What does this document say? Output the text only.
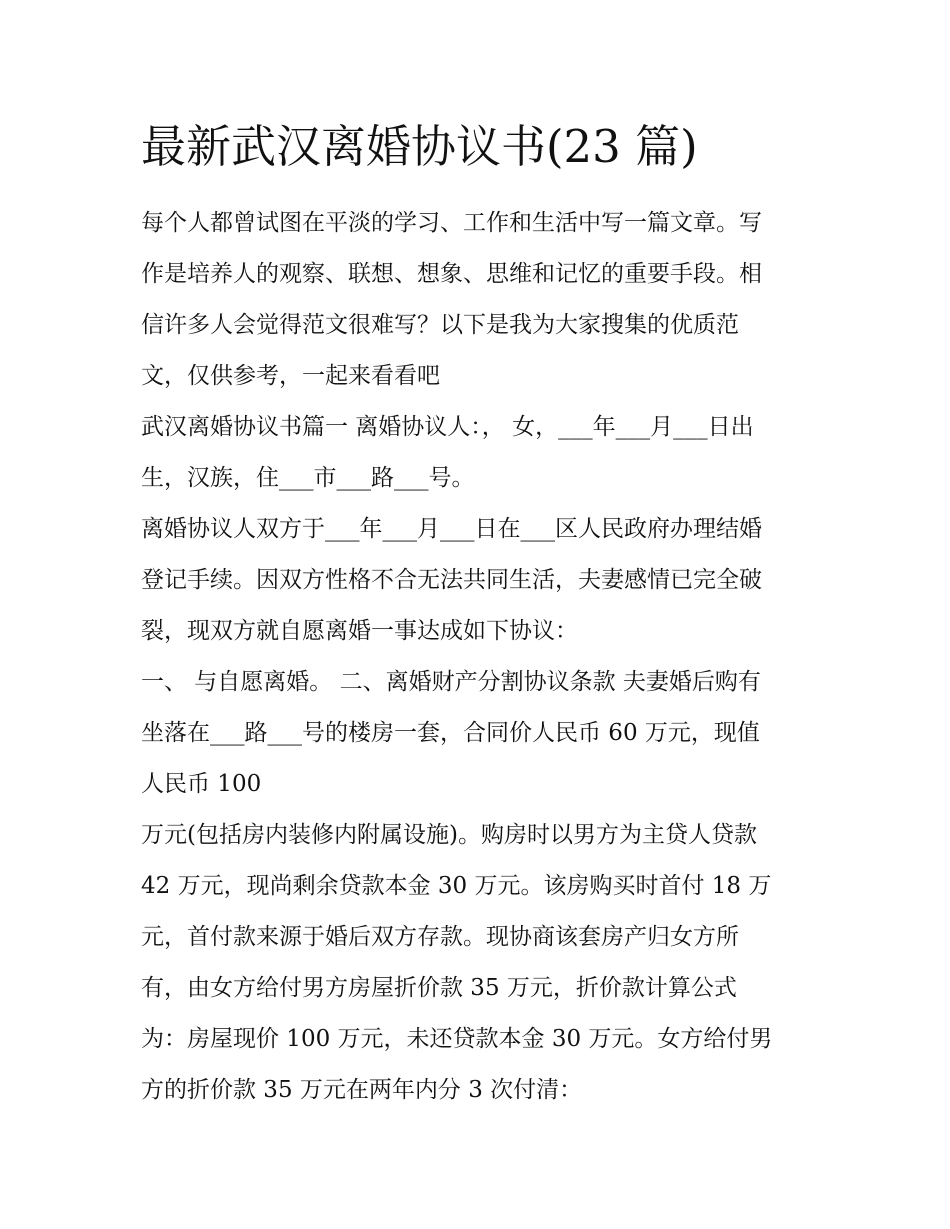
最新武汉离婚协议书(23 篇)
每个人都曾试图在平淡的学习、工作和生活中写一篇文章。写
作是培养人的观察、联想、想象、思维和记忆的重要手段。相
信许多人会觉得范文很难写？以下是我为大家搜集的优质范
文，仅供参考，一起来看看吧
武汉离婚协议书篇一 离婚协议人：， 女，___年___月___日出
生，汉族，住___市___路___号。
离婚协议人双方于___年___月___日在___区人民政府办理结婚
登记手续。因双方性格不合无法共同生活，夫妻感情已完全破
裂，现双方就自愿离婚一事达成如下协议：
一、 与自愿离婚。 二、离婚财产分割协议条款 夫妻婚后购有
坐落在___路___号的楼房一套，合同价人民币 60 万元，现值
人民币 100
万元(包括房内装修内附属设施)。购房时以男方为主贷人贷款
42 万元，现尚剩余贷款本金 30 万元。该房购买时首付 18 万
元，首付款来源于婚后双方存款。现协商该套房产归女方所
有，由女方给付男方房屋折价款 35 万元，折价款计算公式
为：房屋现价 100 万元，未还贷款本金 30 万元。女方给付男
方的折价款 35 万元在两年内分 3 次付清：
